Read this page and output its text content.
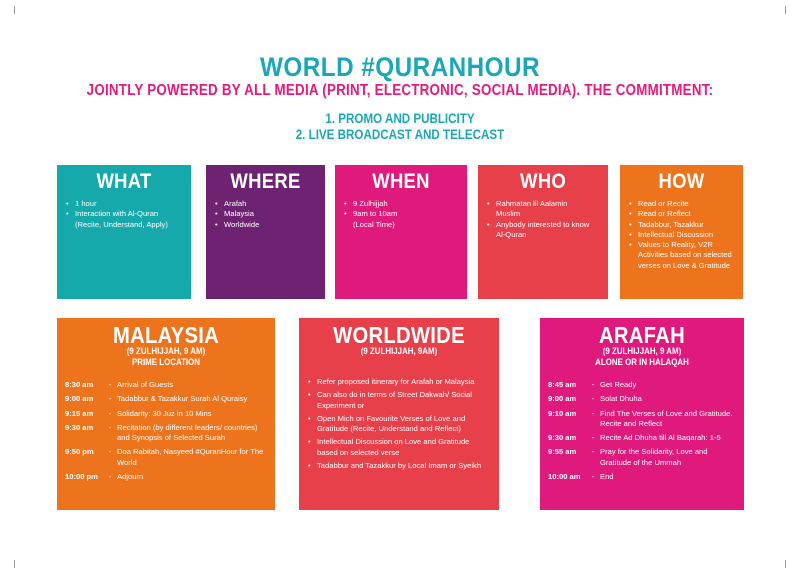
WORLD #QURANHOUR
JOINTLY POWERED BY ALL MEDIA (PRINT, ELECTRONIC, SOCIAL MEDIA). THE COMMITMENT:
1. PROMO AND PUBLICITY
2. LIVE BROADCAST AND TELECAST
WHAT
• 1 hour
• Interaction with Al-Quran (Recite, Understand, Apply)
WHERE
• Arafah
• Malaysia
• Worldwide
WHEN
• 9 Zulhijjah
• 9am to 10am (Local Time)
WHO
• Rahmatan lil Aalamin Muslim
• Anybody interested to know Al-Quran
HOW
• Read or Recite
• Read or Reflect
• Tadabbur, Tazakkur
• Intellectual Discussion
• Values to Reality, V2R Activities based on selected verses on Love & Gratitude
MALAYSIA
(9 ZULHIJJAH, 9 AM)
PRIME LOCATION
8:30 am	- Arrival of Guests
9:00 am	- Tadabbur & Tazakkur Surah Al Quraisy
9:15 am	- Solidarity: 30 Juz in 10 Mins
9:30 am	- Recitation (by different leaders/ countries) and Synopsis of Selected Surah
9:50 pm	- Doa Rabitah, Nasyeed #QuranHour for The World
10:00 pm	- Adjourn
WORLDWIDE
(9 ZULHIJJAH, 9AM)
• Refer proposed itinerary for Arafah or Malaysia
• Can also do in terms of Street Dakwah/ Social Experiment or
• Open Mich on Favourite Verses of Love and Gratitude (Recite, Understand and Reflect)
• Intellectual Discussion on Love and Gratitude based on selected verse
• Tadabbur and Tazakkur by Local Imam or Syeikh
ARAFAH
(9 ZULHIJJAH, 9 AM)
ALONE OR IN HALAQAH
8:45 am	- Get Ready
9:00 am	- Solat Dhuha
9:10 am	- Find The Verses of Love and Gratitude. Recite and Reflect
9:30 am	- Recite Ad Dhuha till Al Baqarah: 1-5
9:55 am	- Pray for the Solidarity, Love and Gratitude of the Ummah
10:00 am	- End
